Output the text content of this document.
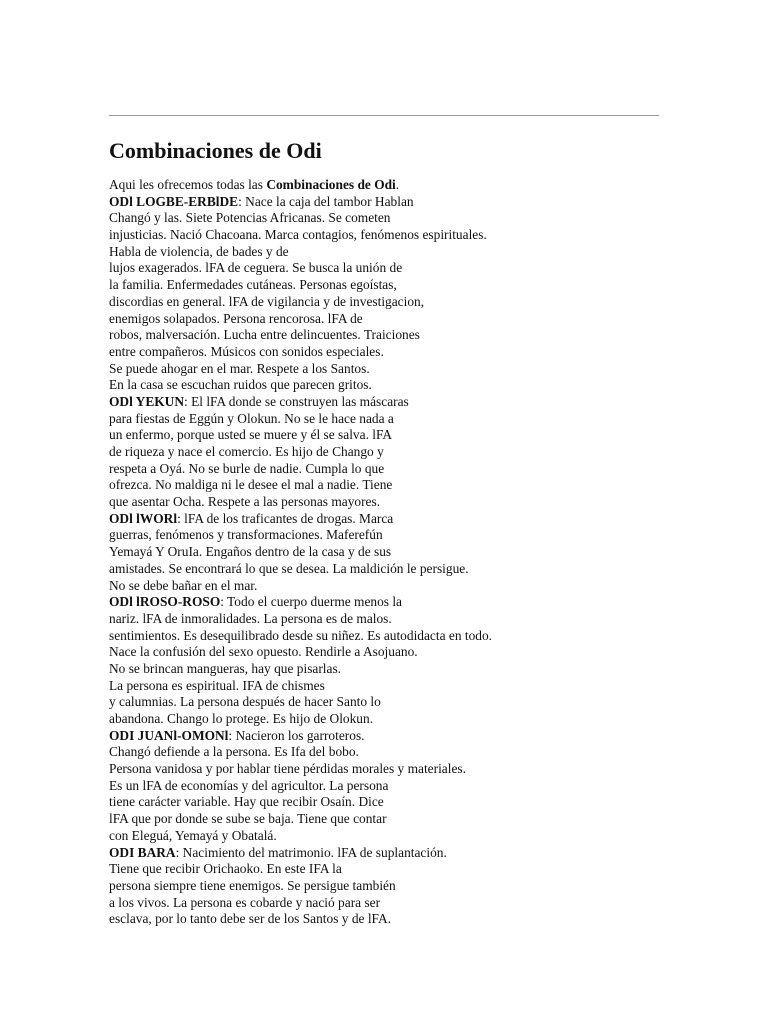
Combinaciones de Odi
Aqui les ofrecemos todas las Combinaciones de Odi.
ODl LOGBE-ERBlDE: Nace la caja del tambor Hablan
Changó y las. Siete Potencias Africanas. Se cometen
injusticias. Nació Chacoana. Marca contagios, fenómenos espirituales.
Habla de violencia, de bades y de
lujos exagerados. lFA de ceguera. Se busca la unión de
la familia. Enfermedades cutáneas. Personas egoístas,
discordias en general. lFA de vigilancia y de investigacion,
enemigos solapados. Persona rencorosa. lFA de
robos, malversación. Lucha entre delincuentes. Traiciones
entre compañeros. Músicos con sonidos especiales.
Se puede ahogar en el mar. Respete a los Santos.
En la casa se escuchan ruidos que parecen gritos.
ODl YEKUN: El lFA donde se construyen las máscaras
para fiestas de Eggún y Olokun. No se le hace nada a
un enfermo, porque usted se muere y él se salva. lFA
de riqueza y nace el comercio. Es hijo de Chango y
respeta a Oyá. No se burle de nadie. Cumpla lo que
ofrezca. No maldiga ni le desee el mal a nadie. Tiene
que asentar Ocha. Respete a las personas mayores.
ODl lWORl: lFA de los traficantes de drogas. Marca
guerras, fenómenos y transformaciones. Maferefún
Yemayá Y OruIa. Engaños dentro de la casa y de sus
amistades. Se encontrará lo que se desea. La maldición le persigue.
No se debe bañar en el mar.
ODl lROSO-ROSO: Todo el cuerpo duerme menos la
nariz. lFA de inmoralidades. La persona es de malos.
sentimientos. Es desequilibrado desde su niñez. Es autodidacta en todo.
Nace la confusión del sexo opuesto. Rendirle a Asojuano.
No se brincan mangueras, hay que pisarlas.
La persona es espiritual. IFA de chismes
y calumnias. La persona después de hacer Santo lo
abandona. Chango lo protege. Es hijo de Olokun.
ODI JUANl-OMONl: Nacieron los garroteros.
Changó defiende a la persona. Es Ifa del bobo.
Persona vanidosa y por hablar tiene pérdidas morales y materiales.
Es un lFA de economías y del agricultor. La persona
tiene carácter variable. Hay que recibir Osaín. Dice
lFA que por donde se sube se baja. Tiene que contar
con Eleguá, Yemayá y Obatalá.
ODI BARA: Nacimiento del matrimonio. lFA de suplantación.
Tiene que recibir Orichaoko. En este IFA la
persona siempre tiene enemigos. Se persigue también
a los vivos. La persona es cobarde y nació para ser
esclava, por lo tanto debe ser de los Santos y de lFA.
